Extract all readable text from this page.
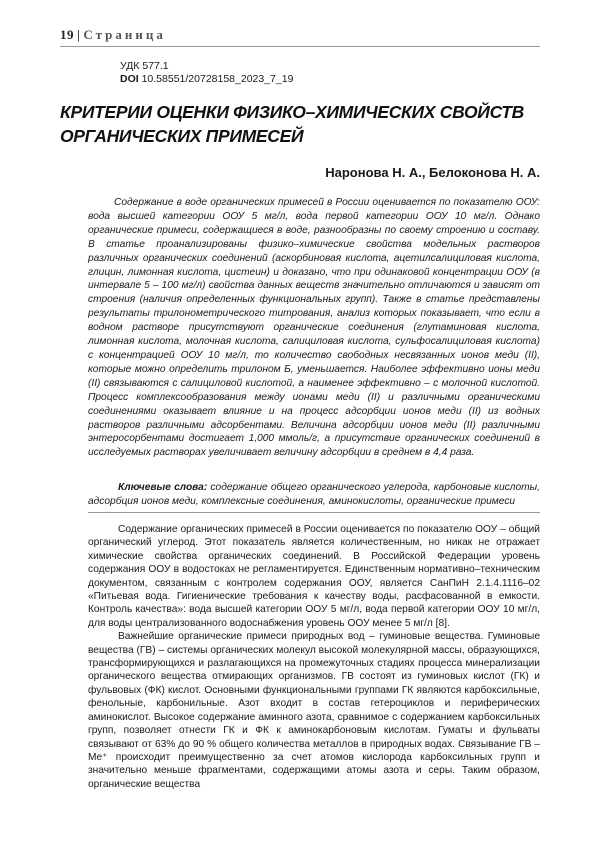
19 | Страница
УДК 577.1
DOI 10.58551/20728158_2023_7_19
КРИТЕРИИ ОЦЕНКИ ФИЗИКО–ХИМИЧЕСКИХ СВОЙСТВ ОРГАНИЧЕСКИХ ПРИМЕСЕЙ
Наронова Н. А., Белоконова Н. А.
Содержание в воде органических примесей в России оценивается по показателю ООУ: вода высшей категории ООУ 5 мг/л, вода первой категории ООУ 10 мг/л. Однако органические примеси, содержащиеся в воде, разнообразны по своему строению и составу. В статье проанализированы физико–химические свойства модельных растворов различных органических соединений (аскорбиновая кислота, ацетилсалициловая кислота, глицин, лимонная кислота, цистеин) и доказано, что при одинаковой концентрации ООУ (в интервале 5 – 100 мг/л) свойства данных веществ значительно отличаются и зависят от строения (наличия определенных функциональных групп). Также в статье представлены результаты трилонометрического титрования, анализ которых показывает, что если в водном растворе присутствуют органические соединения (глутаминовая кислота, лимонная кислота, молочная кислота, салициловая кислота, сульфосалициловая кислота) с концентрацией ООУ 10 мг/л, то количество свободных несвязанных ионов меди (II), которые можно определить трилоном Б, уменьшается. Наиболее эффективно ионы меди (II) связываются с салициловой кислотой, а наименее эффективно – с молочной кислотой. Процесс комплексообразования между ионами меди (II) и различными органическими соединениями оказывает влияние и на процесс адсорбции ионов меди (II) из водных растворов различными адсорбентами. Величина адсорбции ионов меди (II) различными энтеросорбентами достигает 1,000 ммоль/г, а присутствие органических соединений в исследуемых растворах увеличивает величину адсорбции в среднем в 4,4 раза.
Ключевые слова: содержание общего органического углерода, карбоновые кислоты, адсорбция ионов меди, комплексные соединения, аминокислоты, органические примеси

Содержание органических примесей в России оценивается по показателю ООУ – общий органический углерод. Этот показатель является количественным, но никак не отражает химические свойства органических соединений. В Российской Федерации уровень содержания ООУ в водостоках не регламентируется. Единственным нормативно–техническим документом, связанным с контролем содержания ООУ, является СанПиН 2.1.4.1116–02 «Питьевая вода. Гигиенические требования к качеству воды, расфасованной в емкости. Контроль качества»: вода высшей категории ООУ 5 мг/л, вода первой категории ООУ 10 мг/л, для воды централизованного водоснабжения уровень ООУ менее 5 мг/л [8].

Важнейшие органические примеси природных вод – гуминовые вещества. Гуминовые вещества (ГВ) – системы органических молекул высокой молекулярной массы, образующихся, трансформирующихся и разлагающихся на промежуточных стадиях процесса минерализации органического вещества отмирающих организмов. ГВ состоят из гуминовых кислот (ГК) и фульвовых (ФК) кислот. Основными функциональными группами ГК являются карбоксильные, фенольные, карбонильные. Азот входит в состав гетероциклов и периферических аминокислот. Высокое содержание аминного азота, сравнимое с содержанием карбоксильных групп, позволяет отнести ГК и ФК к аминокарбоновым кислотам. Гуматы и фульваты связывают от 63% до 90 % общего количества металлов в природных водах. Связывание ГВ – Me⁺ происходит преимущественно за счет атомов кислорода карбоксильных групп и значительно меньше фрагментами, содержащими атомы азота и серы. Таким образом, органические вещества
